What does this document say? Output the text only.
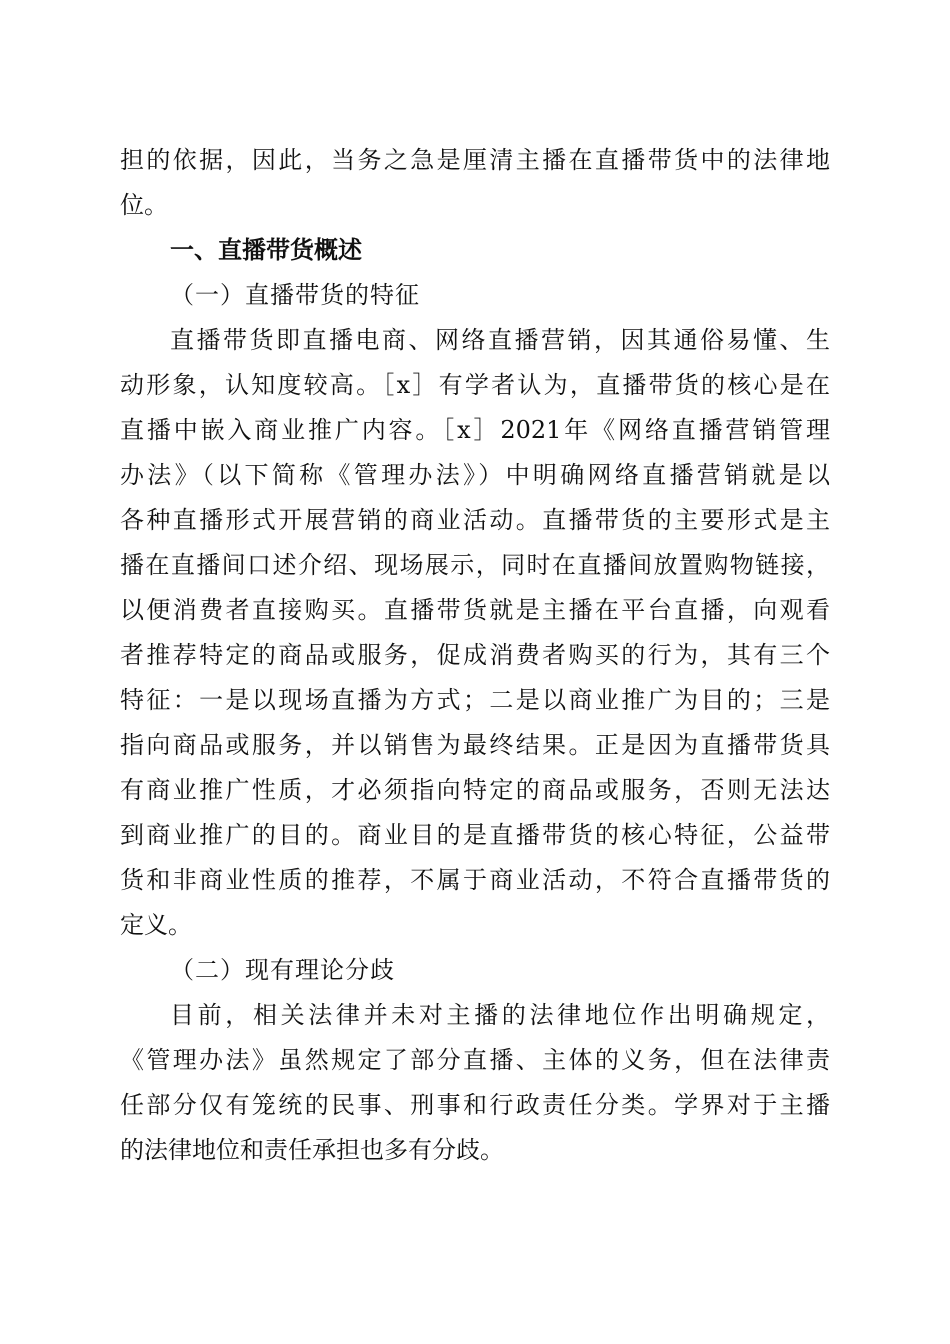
担的依据，因此，当务之急是厘清主播在直播带货中的法律地
位。
一、直播带货概述
（一）直播带货的特征
直播带货即直播电商、网络直播营销，因其通俗易懂、生
动形象，认知度较高。［x］有学者认为，直播带货的核心是在
直播中嵌入商业推广内容。［x］2021年《网络直播营销管理
办法》（以下简称《管理办法》）中明确网络直播营销就是以
各种直播形式开展营销的商业活动。直播带货的主要形式是主
播在直播间口述介绍、现场展示，同时在直播间放置购物链接，
以便消费者直接购买。直播带货就是主播在平台直播，向观看
者推荐特定的商品或服务，促成消费者购买的行为，其有三个
特征：一是以现场直播为方式；二是以商业推广为目的；三是
指向商品或服务，并以销售为最终结果。正是因为直播带货具
有商业推广性质，才必须指向特定的商品或服务，否则无法达
到商业推广的目的。商业目的是直播带货的核心特征，公益带
货和非商业性质的推荐，不属于商业活动，不符合直播带货的
定义。
（二）现有理论分歧
目前，相关法律并未对主播的法律地位作出明确规定，
《管理办法》虽然规定了部分直播、主体的义务，但在法律责
任部分仅有笼统的民事、刑事和行政责任分类。学界对于主播
的法律地位和责任承担也多有分歧。
